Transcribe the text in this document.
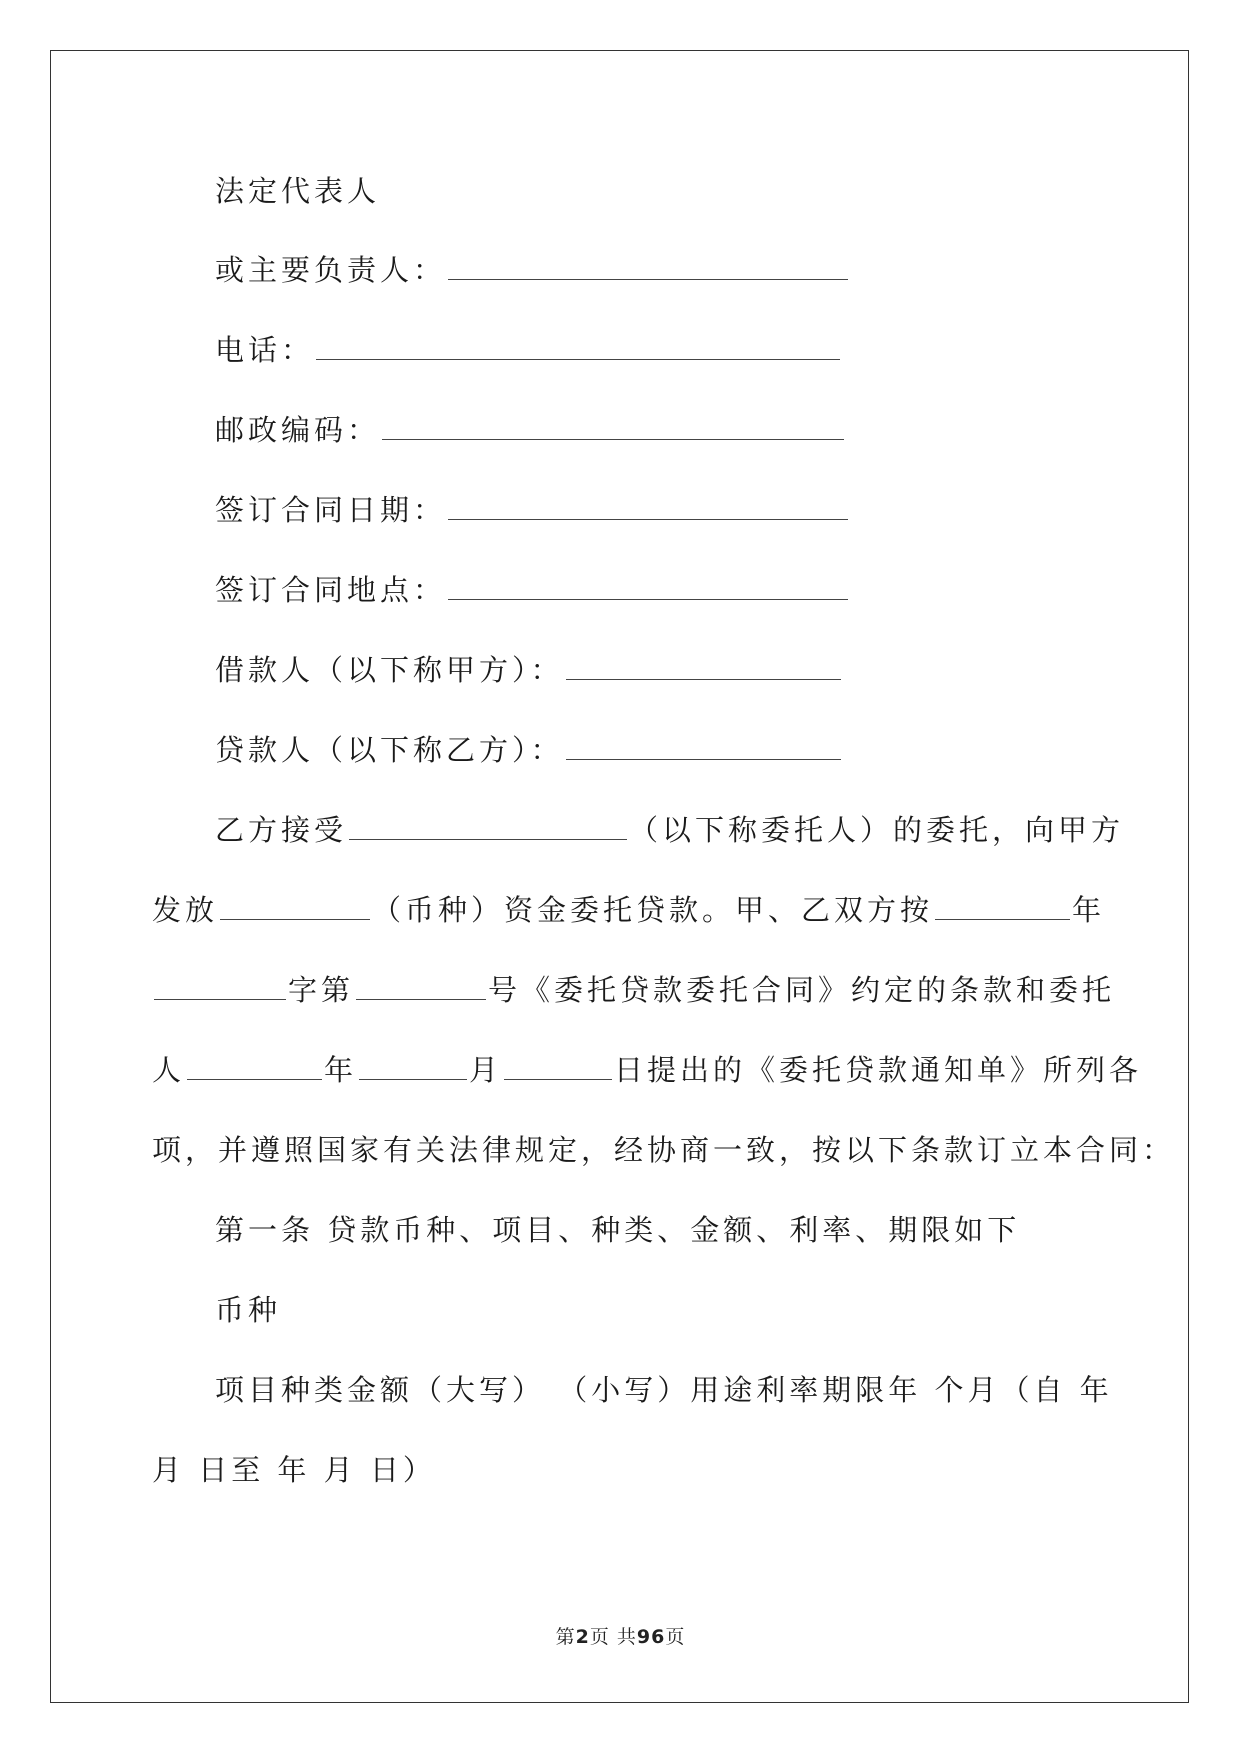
法定代表人
或主要负责人：
电话：
邮政编码：
签订合同日期：
签订合同地点：
借款人（以下称甲方）：
贷款人（以下称乙方）：
乙方接受	（以下称委托人）的委托，向甲方
发放	（币种）资金委托贷款。甲、乙双方按	年
字第	号《委托贷款委托合同》约定的条款和委托
人	年	月	日提出的《委托贷款通知单》所列各
项，并遵照国家有关法律规定，经协商一致，按以下条款订立本合同：
第一条 贷款币种、项目、种类、金额、利率、期限如下
币种
项目种类金额（大写） （小写）用途利率期限年 个月（自 年
月 日至 年 月 日）
第2页 共96页
